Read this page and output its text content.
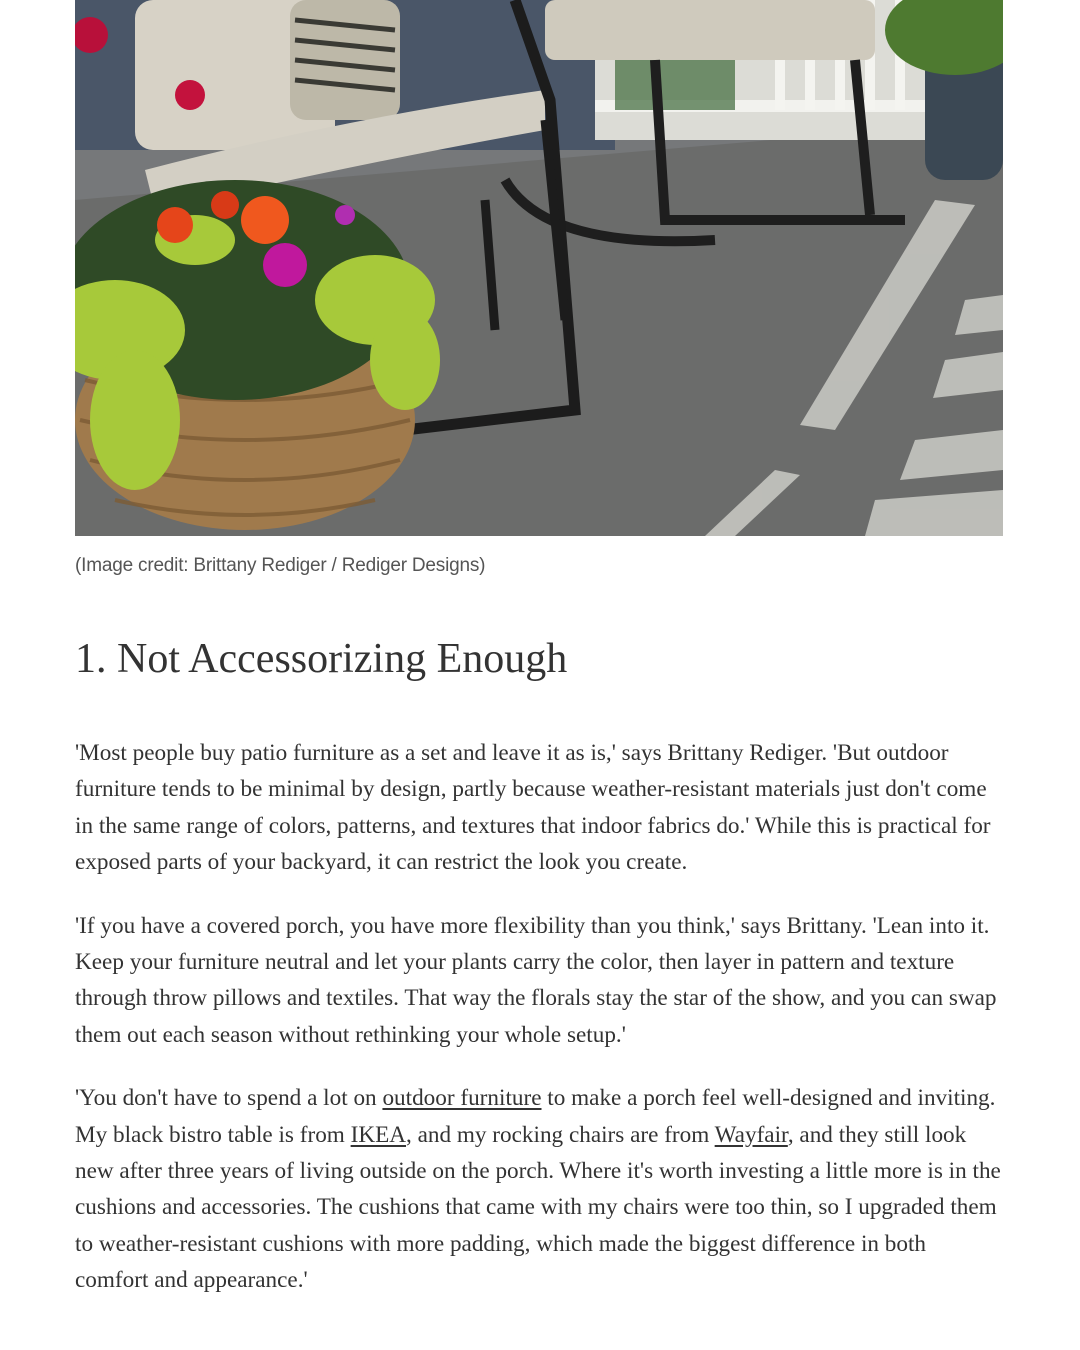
(Image credit: Brittany Rediger / Rediger Designs)
1. Not Accessorizing Enough

'Most people buy patio furniture as a set and leave it as is,' says Brittany Rediger. 'But outdoor furniture tends to be minimal by design, partly because weather-resistant materials just don't come in the same range of colors, patterns, and textures that indoor fabrics do.' While this is practical for exposed parts of your backyard, it can restrict the look you create.

'If you have a covered porch, you have more flexibility than you think,' says Brittany. 'Lean into it. Keep your furniture neutral and let your plants carry the color, then layer in pattern and texture through throw pillows and textiles. That way the florals stay the star of the show, and you can swap them out each season without rethinking your whole setup.'

'You don't have to spend a lot on outdoor furniture to make a porch feel well-designed and inviting. My black bistro table is from IKEA, and my rocking chairs are from Wayfair, and they still look new after three years of living outside on the porch. Where it's worth investing a little more is in the cushions and accessories. The cushions that came with my chairs were too thin, so I upgraded them to weather-resistant cushions with more padding, which made the biggest difference in both comfort and appearance.'
